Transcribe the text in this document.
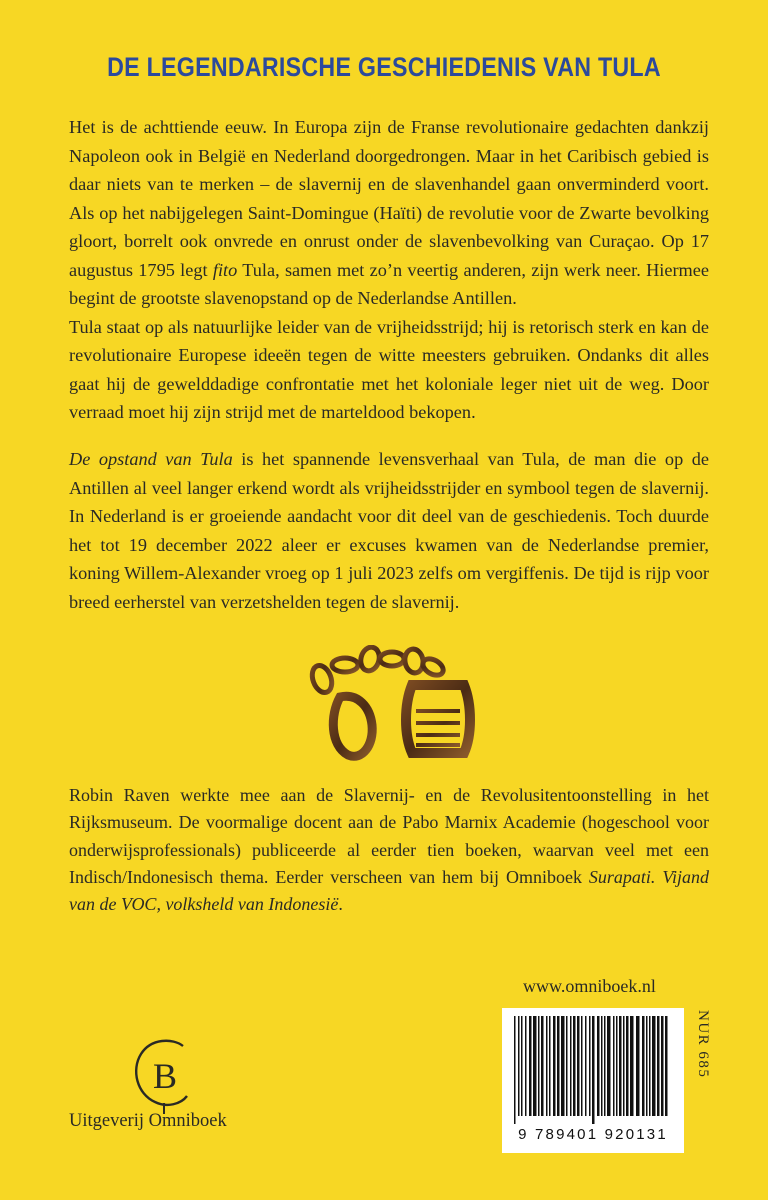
DE LEGENDARISCHE GESCHIEDENIS VAN TULA

Het is de achttiende eeuw. In Europa zijn de Franse revolutionaire gedachten dankzij Napoleon ook in België en Nederland doorgedrongen. Maar in het Caribisch gebied is daar niets van te merken – de slavernij en de slavenhandel gaan onverminderd voort. Als op het nabijgelegen Saint-Domingue (Haïti) de revolutie voor de Zwarte bevolking gloort, borrelt ook onvrede en onrust onder de slavenbevolking van Curaçao. Op 17 augustus 1795 legt fito Tula, samen met zo’n veertig anderen, zijn werk neer. Hiermee begint de grootste slavenopstand op de Nederlandse Antillen.

Tula staat op als natuurlijke leider van de vrijheidsstrijd; hij is retorisch sterk en kan de revolutionaire Europese ideeën tegen de witte meesters gebruiken. Ondanks dit alles gaat hij de gewelddadige confrontatie met het koloniale leger niet uit de weg. Door verraad moet hij zijn strijd met de marteldood bekopen.

De opstand van Tula is het spannende levensverhaal van Tula, de man die op de Antillen al veel langer erkend wordt als vrijheidsstrijder en symbool tegen de slavernij. In Nederland is er groeiende aandacht voor dit deel van de geschiedenis. Toch duurde het tot 19 december 2022 aleer er excuses kwamen van de Nederlandse premier, koning Willem-Alexander vroeg op 1 juli 2023 zelfs om vergiffenis. De tijd is rijp voor breed eerherstel van verzetshelden tegen de slavernij.

Robin Raven werkte mee aan de Slavernij- en de Revolusitentoonstelling in het Rijksmuseum. De voormalige docent aan de Pabo Marnix Academie (hogeschool voor onderwijsprofessionals) publiceerde al eerder tien boeken, waarvan veel met een Indisch/Indonesisch thema. Eerder verscheen van hem bij Omniboek Surapati. Vijand van de VOC, volksheld van Indonesië.
www.omniboek.nl
9 789401 920131
NUR 685
B
Uitgeverij Omniboek
